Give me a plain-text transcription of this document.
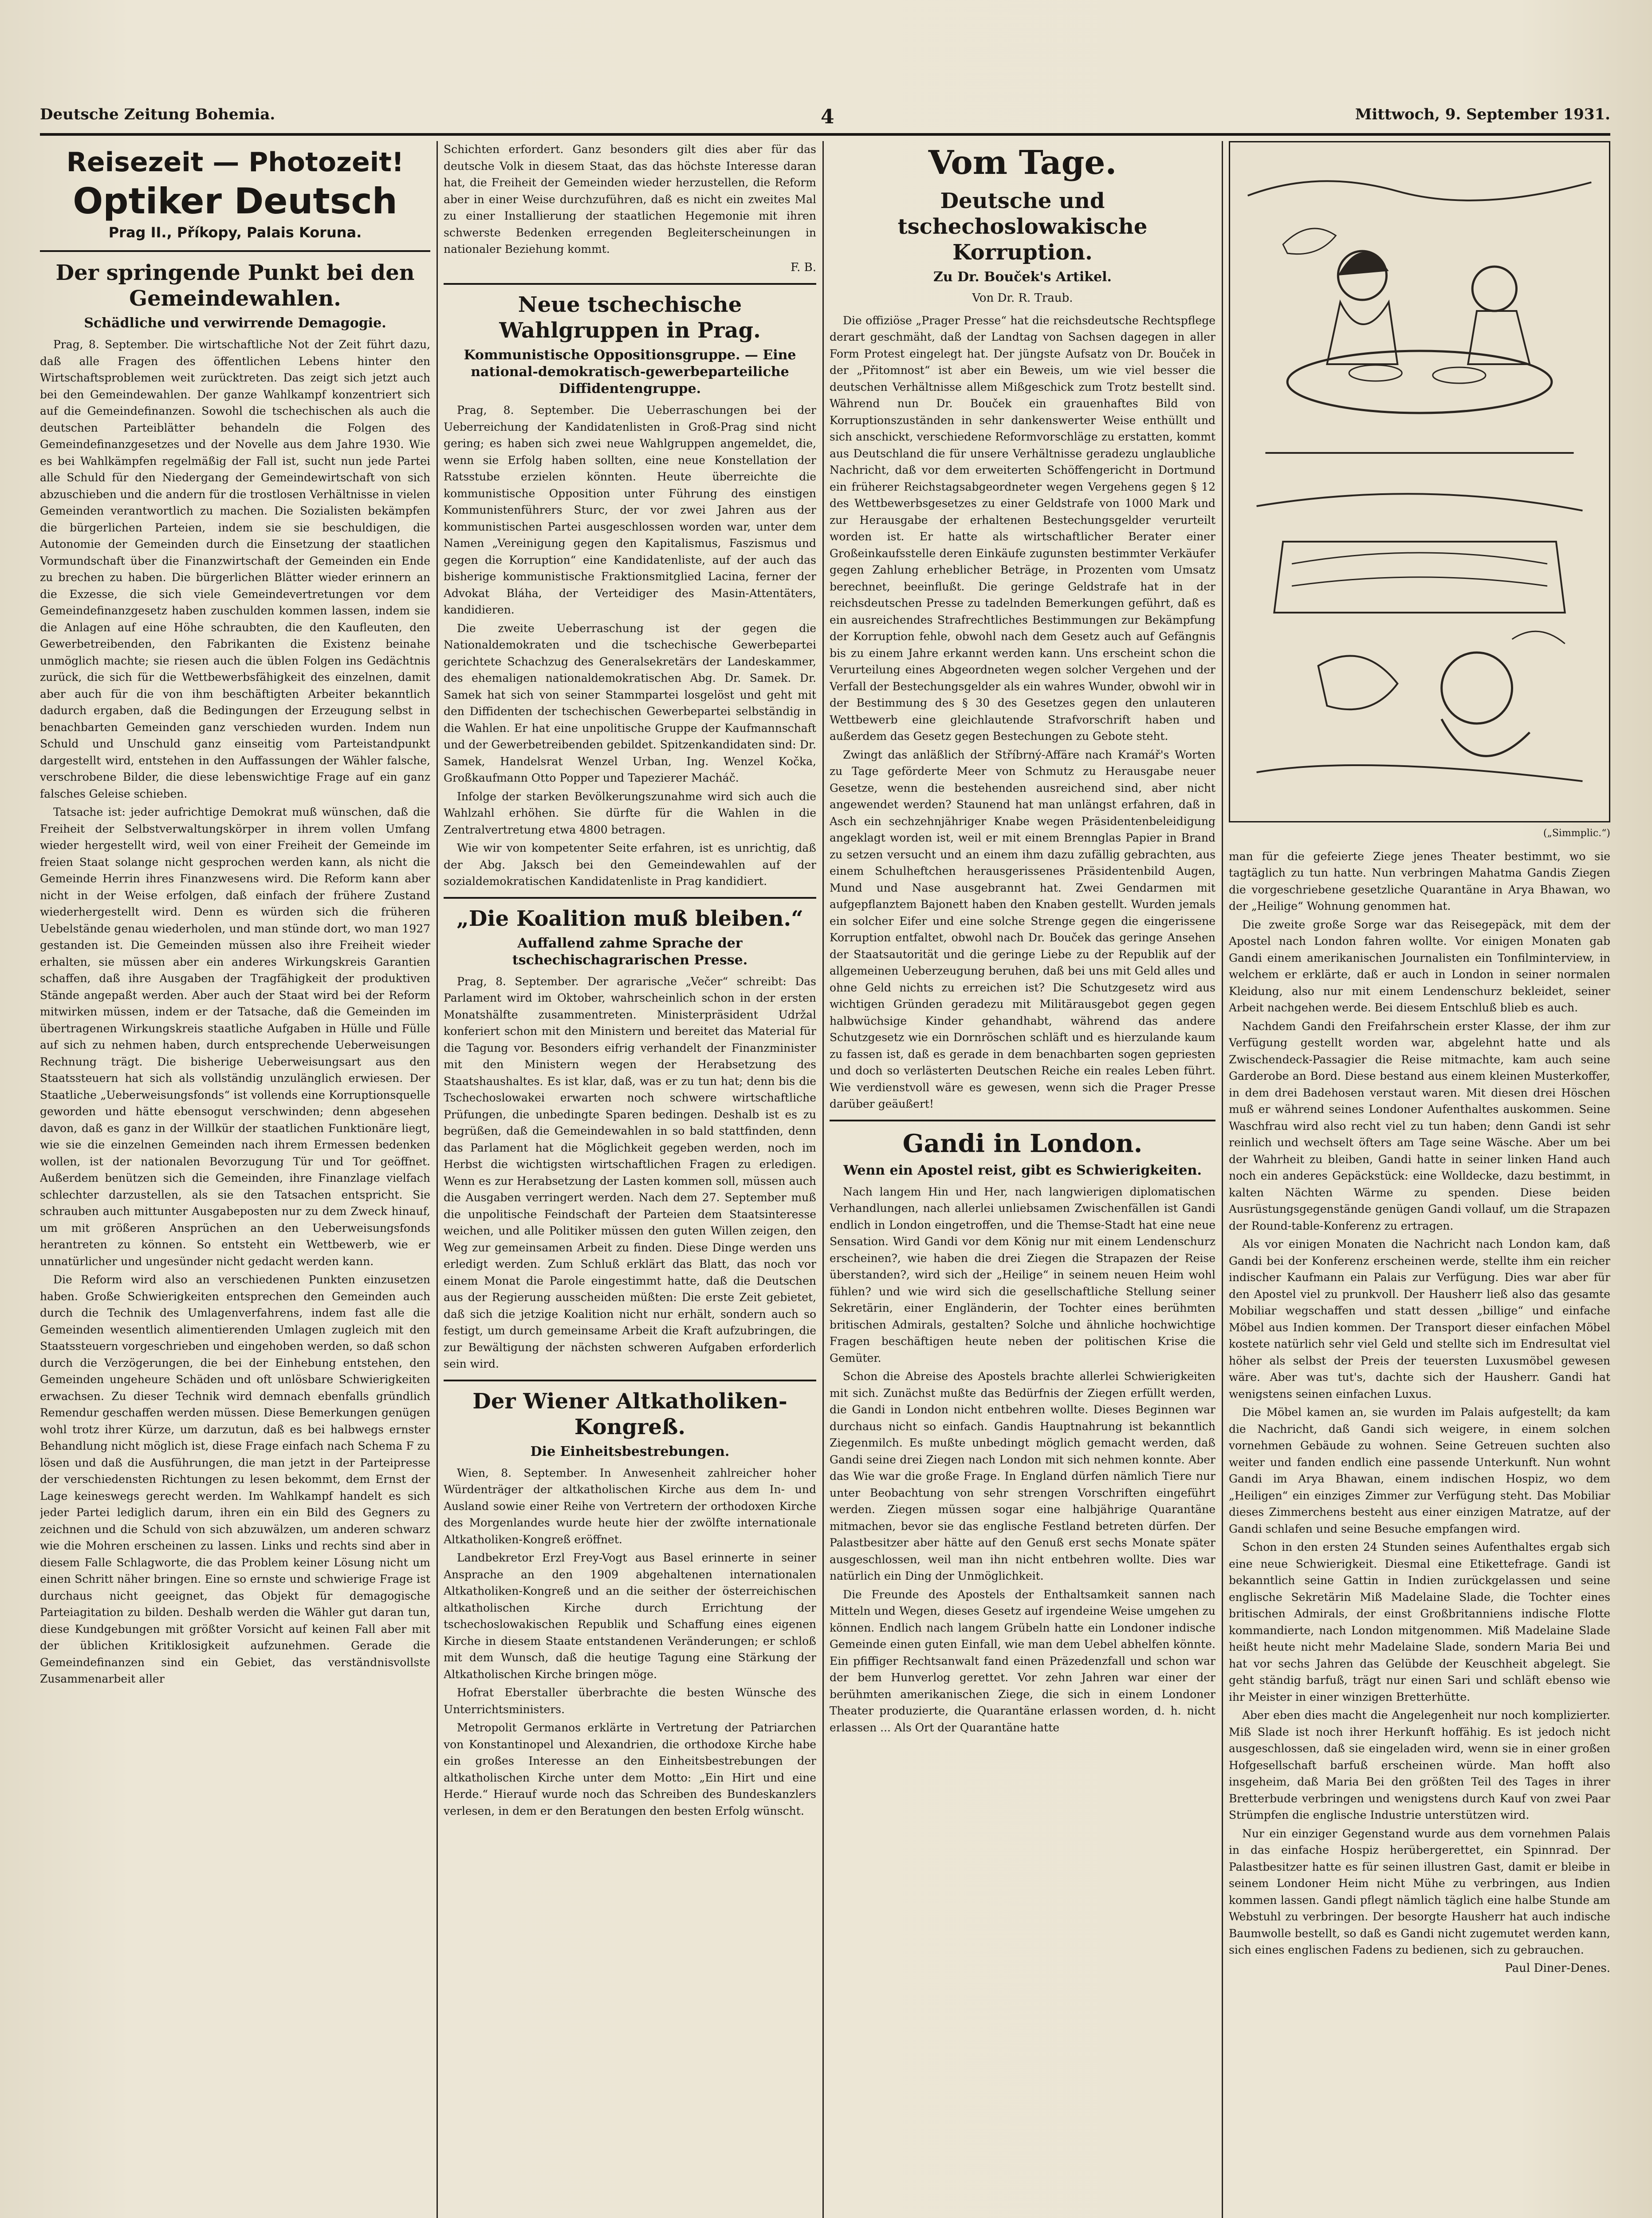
Deutsche Zeitung Bohemia.	4	Mittwoch, 9. September 1931.
Reisezeit — Photozeit!
Optiker Deutsch
Prag II., Příkopy, Palais Koruna.
Der springende Punkt bei den Gemeindewahlen.
Schädliche und verwirrende Demagogie.

Prag, 8. September. Die wirtschaftliche Not der Zeit führt dazu, daß alle Fragen des öffentlichen Lebens hinter den Wirtschaftsproblemen weit zurücktreten. Das zeigt sich jetzt auch bei den Gemeindewahlen. Der ganze Wahlkampf konzentriert sich auf die Gemeindefinanzen. Sowohl die tschechischen als auch die deutschen Parteiblätter behandeln die Folgen des Gemeindefinanzgesetzes und der Novelle aus dem Jahre 1930. Wie es bei Wahlkämpfen regelmäßig der Fall ist, sucht nun jede Partei alle Schuld für den Niedergang der Gemeindewirtschaft von sich abzuschieben und die andern für die trostlosen Verhältnisse in vielen Gemeinden verantwortlich zu machen. Die Sozialisten bekämpfen die bürgerlichen Parteien, indem sie sie beschuldigen, die Autonomie der Gemeinden durch die Einsetzung der staatlichen Vormundschaft über die Finanzwirtschaft der Gemeinden ein Ende zu brechen zu haben. Die bürgerlichen Blätter wieder erinnern an die Exzesse, die sich viele Gemeindevertretungen vor dem Gemeindefinanzgesetz haben zuschulden kommen lassen, indem sie die Anlagen auf eine Höhe schraubten, die den Kaufleuten, den Gewerbetreibenden, den Fabrikanten die Existenz beinahe unmöglich machte; sie riesen auch die üblen Folgen ins Gedächtnis zurück, die sich für die Wettbewerbsfähigkeit des einzelnen, damit aber auch für die von ihm beschäftigten Arbeiter bekanntlich dadurch ergaben, daß die Bedingungen der Erzeugung selbst in benachbarten Gemeinden ganz verschieden wurden. Indem nun Schuld und Unschuld ganz einseitig vom Parteistandpunkt dargestellt wird, entstehen in den Auffassungen der Wähler falsche, verschrobene Bilder, die diese lebenswichtige Frage auf ein ganz falsches Geleise schieben.

Tatsache ist: jeder aufrichtige Demokrat muß wünschen, daß die Freiheit der Selbstverwaltungskörper in ihrem vollen Umfang wieder hergestellt wird, weil von einer Freiheit der Gemeinde im freien Staat solange nicht gesprochen werden kann, als nicht die Gemeinde Herrin ihres Finanzwesens wird. Die Reform kann aber nicht in der Weise erfolgen, daß einfach der frühere Zustand wiederhergestellt wird. Denn es würden sich die früheren Uebelstände genau wiederholen, und man stünde dort, wo man 1927 gestanden ist. Die Gemeinden müssen also ihre Freiheit wieder erhalten, sie müssen aber ein anderes Wirkungskreis Garantien schaffen, daß ihre Ausgaben der Tragfähigkeit der produktiven Stände angepaßt werden. Aber auch der Staat wird bei der Reform mitwirken müssen, indem er der Tatsache, daß die Gemeinden im übertragenen Wirkungskreis staatliche Aufgaben in Hülle und Fülle auf sich zu nehmen haben, durch entsprechende Ueberweisungen Rechnung trägt. Die bisherige Ueberweisungsart aus den Staatssteuern hat sich als vollständig unzulänglich erwiesen. Der Staatliche „Ueberweisungsfonds“ ist vollends eine Korruptionsquelle geworden und hätte ebensogut verschwinden; denn abgesehen davon, daß es ganz in der Willkür der staatlichen Funktionäre liegt, wie sie die einzelnen Gemeinden nach ihrem Ermessen bedenken wollen, ist der nationalen Bevorzugung Tür und Tor geöffnet. Außerdem benützen sich die Gemeinden, ihre Finanzlage vielfach schlechter darzustellen, als sie den Tatsachen entspricht. Sie schrauben auch mittunter Ausgabeposten nur zu dem Zweck hinauf, um mit größeren Ansprüchen an den Ueberweisungsfonds herantreten zu können. So entsteht ein Wettbewerb, wie er unnatürlicher und ungesünder nicht gedacht werden kann.

Die Reform wird also an verschiedenen Punkten einzusetzen haben. Große Schwierigkeiten entsprechen den Gemeinden auch durch die Technik des Umlagenverfahrens, indem fast alle die Gemeinden wesentlich alimentierenden Umlagen zugleich mit den Staatssteuern vorgeschrieben und eingehoben werden, so daß schon durch die Verzögerungen, die bei der Einhebung entstehen, den Gemeinden ungeheure Schäden und oft unlösbare Schwierigkeiten erwachsen. Zu dieser Technik wird demnach ebenfalls gründlich Remendur geschaffen werden müssen. Diese Bemerkungen genügen wohl trotz ihrer Kürze, um darzutun, daß es bei halbwegs ernster Behandlung nicht möglich ist, diese Frage einfach nach Schema F zu lösen und daß die Ausführungen, die man jetzt in der Parteipresse der verschiedensten Richtungen zu lesen bekommt, dem Ernst der Lage keineswegs gerecht werden. Im Wahlkampf handelt es sich jeder Partei lediglich darum, ihren ein ein Bild des Gegners zu zeichnen und die Schuld von sich abzuwälzen, um anderen schwarz wie die Mohren erscheinen zu lassen. Links und rechts sind aber in diesem Falle Schlagworte, die das Problem keiner Lösung nicht um einen Schritt näher bringen. Eine so ernste und schwierige Frage ist durchaus nicht geeignet, das Objekt für demagogische Parteiagitation zu bilden. Deshalb werden die Wähler gut daran tun, diese Kundgebungen mit größter Vorsicht auf keinen Fall aber mit der üblichen Kritiklosigkeit aufzunehmen. Gerade die Gemeindefinanzen sind ein Gebiet, das verständnisvollste Zusammenarbeit aller

Schichten erfordert. Ganz besonders gilt dies aber für das deutsche Volk in diesem Staat, das das höchste Interesse daran hat, die Freiheit der Gemeinden wieder herzustellen, die Reform aber in einer Weise durchzuführen, daß es nicht ein zweites Mal zu einer Installierung der staatlichen Hegemonie mit ihren schwerste Bedenken erregenden Begleiterscheinungen in nationaler Beziehung kommt.

F. B.
Neue tschechische Wahlgruppen in Prag.
Kommunistische Oppositionsgruppe. — Eine national-demokratisch-gewerbeparteiliche Diffidentengruppe.

Prag, 8. September. Die Ueberraschungen bei der Ueberreichung der Kandidatenlisten in Groß-Prag sind nicht gering; es haben sich zwei neue Wahlgruppen angemeldet, die, wenn sie Erfolg haben sollten, eine neue Konstellation der Ratsstube erzielen könnten. Heute überreichte die kommunistische Opposition unter Führung des einstigen Kommunistenführers Sturc, der vor zwei Jahren aus der kommunistischen Partei ausgeschlossen worden war, unter dem Namen „Vereinigung gegen den Kapitalismus, Faszismus und gegen die Korruption“ eine Kandidatenliste, auf der auch das bisherige kommunistische Fraktionsmitglied Lacina, ferner der Advokat Bláha, der Verteidiger des Masin-Attentäters, kandidieren.

Die zweite Ueberraschung ist der gegen die Nationaldemokraten und die tschechische Gewerbepartei gerichtete Schachzug des Generalsekretärs der Landeskammer, des ehemaligen nationaldemokratischen Abg. Dr. Samek. Dr. Samek hat sich von seiner Stammpartei losgelöst und geht mit den Diffidenten der tschechischen Gewerbepartei selbständig in die Wahlen. Er hat eine unpolitische Gruppe der Kaufmannschaft und der Gewerbetreibenden gebildet. Spitzenkandidaten sind: Dr. Samek, Handelsrat Wenzel Urban, Ing. Wenzel Kočka, Großkaufmann Otto Popper und Tapezierer Macháč.

Infolge der starken Bevölkerungszunahme wird sich auch die Wahlzahl erhöhen. Sie dürfte für die Wahlen in die Zentralvertretung etwa 4800 betragen.

Wie wir von kompetenter Seite erfahren, ist es unrichtig, daß der Abg. Jaksch bei den Gemeindewahlen auf der sozialdemokratischen Kandidatenliste in Prag kandidiert.

„Die Koalition muß bleiben.“
Auffallend zahme Sprache der tschechischagrarischen Presse.

Prag, 8. September. Der agrarische „Večer“ schreibt: Das Parlament wird im Oktober, wahrscheinlich schon in der ersten Monatshälfte zusammentreten. Ministerpräsident Udržal konferiert schon mit den Ministern und bereitet das Material für die Tagung vor. Besonders eifrig verhandelt der Finanzminister mit den Ministern wegen der Herabsetzung des Staatshaushaltes. Es ist klar, daß, was er zu tun hat; denn bis die Tschechoslowakei erwarten noch schwere wirtschaftliche Prüfungen, die unbedingte Sparen bedingen. Deshalb ist es zu begrüßen, daß die Gemeindewahlen in so bald stattfinden, denn das Parlament hat die Möglichkeit gegeben werden, noch im Herbst die wichtigsten wirtschaftlichen Fragen zu erledigen. Wenn es zur Herabsetzung der Lasten kommen soll, müssen auch die Ausgaben verringert werden. Nach dem 27. September muß die unpolitische Feindschaft der Parteien dem Staatsinteresse weichen, und alle Politiker müssen den guten Willen zeigen, den Weg zur gemeinsamen Arbeit zu finden. Diese Dinge werden uns erledigt werden. Zum Schluß erklärt das Blatt, das noch vor einem Monat die Parole eingestimmt hatte, daß die Deutschen aus der Regierung ausscheiden müßten: Die erste Zeit gebietet, daß sich die jetzige Koalition nicht nur erhält, sondern auch so festigt, um durch gemeinsame Arbeit die Kraft aufzubringen, die zur Bewältigung der nächsten schweren Aufgaben erforderlich sein wird.

Der Wiener Altkatholiken-Kongreß.
Die Einheitsbestrebungen.

Wien, 8. September. In Anwesenheit zahlreicher hoher Würdenträger der altkatholischen Kirche aus dem In- und Ausland sowie einer Reihe von Vertretern der orthodoxen Kirche des Morgenlandes wurde heute hier der zwölfte internationale Altkatholiken-Kongreß eröffnet.

Landbekretor Erzl Frey-Vogt aus Basel erinnerte in seiner Ansprache an den 1909 abgehaltenen internationalen Altkatholiken-Kongreß und an die seither der österreichischen altkatholischen Kirche durch Errichtung der tschechoslowakischen Republik und Schaffung eines eigenen Kirche in diesem Staate entstandenen Veränderungen; er schloß mit dem Wunsch, daß die heutige Tagung eine Stärkung der Altkatholischen Kirche bringen möge.

Hofrat Eberstaller überbrachte die besten Wünsche des Unterrichtsministers.

Metropolit Germanos erklärte in Vertretung der Patriarchen von Konstantinopel und Alexandrien, die orthodoxe Kirche habe ein großes Interesse an den Einheitsbestrebungen der altkatholischen Kirche unter dem Motto: „Ein Hirt und eine Herde.“ Hierauf wurde noch das Schreiben des Bundeskanzlers verlesen, in dem er den Beratungen den besten Erfolg wünscht.

Vom Tage.
Deutsche und tschechoslowakische Korruption.
Zu Dr. Bouček's Artikel.
Von Dr. R. Traub.

Die offiziöse „Prager Presse“ hat die reichsdeutsche Rechtspflege derart geschmäht, daß der Landtag von Sachsen dagegen in aller Form Protest eingelegt hat. Der jüngste Aufsatz von Dr. Bouček in der „Přitomnost“ ist aber ein Beweis, um wie viel besser die deutschen Verhältnisse allem Mißgeschick zum Trotz bestellt sind. Während nun Dr. Bouček ein grauenhaftes Bild von Korruptionszuständen in sehr dankenswerter Weise enthüllt und sich anschickt, verschiedene Reformvorschläge zu erstatten, kommt aus Deutschland die für unsere Verhältnisse geradezu unglaubliche Nachricht, daß vor dem erweiterten Schöffengericht in Dortmund ein früherer Reichstagsabgeordneter wegen Vergehens gegen § 12 des Wettbewerbsgesetzes zu einer Geldstrafe von 1000 Mark und zur Herausgabe der erhaltenen Bestechungsgelder verurteilt worden ist. Er hatte als wirtschaftlicher Berater einer Großeinkaufsstelle deren Einkäufe zugunsten bestimmter Verkäufer gegen Zahlung erheblicher Beträge, in Prozenten vom Umsatz berechnet, beeinflußt. Die geringe Geldstrafe hat in der reichsdeutschen Presse zu tadelnden Bemerkungen geführt, daß es ein ausreichendes Strafrechtliches Bestimmungen zur Bekämpfung der Korruption fehle, obwohl nach dem Gesetz auch auf Gefängnis bis zu einem Jahre erkannt werden kann. Uns erscheint schon die Verurteilung eines Abgeordneten wegen solcher Vergehen und der Verfall der Bestechungsgelder als ein wahres Wunder, obwohl wir in der Bestimmung des § 30 des Gesetzes gegen den unlauteren Wettbewerb eine gleichlautende Strafvorschrift haben und außerdem das Gesetz gegen Bestechungen zu Gebote steht.

Zwingt das anläßlich der Stříbrný-Affäre nach Kramář's Worten zu Tage geförderte Meer von Schmutz zu Herausgabe neuer Gesetze, wenn die bestehenden ausreichend sind, aber nicht angewendet werden? Staunend hat man unlängst erfahren, daß in Asch ein sechzehnjähriger Knabe wegen Präsidentenbeleidigung angeklagt worden ist, weil er mit einem Brennglas Papier in Brand zu setzen versucht und an einem ihm dazu zufällig gebrachten, aus einem Schulheftchen herausgerissenes Präsidentenbild Augen, Mund und Nase ausgebrannt hat. Zwei Gendarmen mit aufgepflanztem Bajonett haben den Knaben gestellt. Wurden jemals ein solcher Eifer und eine solche Strenge gegen die eingerissene Korruption entfaltet, obwohl nach Dr. Bouček das geringe Ansehen der Staatsautorität und die geringe Liebe zu der Republik auf der allgemeinen Ueberzeugung beruhen, daß bei uns mit Geld alles und ohne Geld nichts zu erreichen ist? Die Schutzgesetz wird aus wichtigen Gründen geradezu mit Militärausgebot gegen gegen halbwüchsige Kinder gehandhabt, während das andere Schutzgesetz wie ein Dornröschen schläft und es hierzulande kaum zu fassen ist, daß es gerade in dem benachbarten sogen gepriesten und doch so verlästerten Deutschen Reiche ein reales Leben führt. Wie verdienstvoll wäre es gewesen, wenn sich die Prager Presse darüber geäußert!

Gandi in London.
Wenn ein Apostel reist, gibt es Schwierigkeiten.

Nach langem Hin und Her, nach langwierigen diplomatischen Verhandlungen, nach allerlei unliebsamen Zwischenfällen ist Gandi endlich in London eingetroffen, und die Themse-Stadt hat eine neue Sensation. Wird Gandi vor dem König nur mit einem Lendenschurz erscheinen?, wie haben die drei Ziegen die Strapazen der Reise überstanden?, wird sich der „Heilige“ in seinem neuen Heim wohl fühlen? und wie wird sich die gesellschaftliche Stellung seiner Sekretärin, einer Engländerin, der Tochter eines berühmten britischen Admirals, gestalten? Solche und ähnliche hochwichtige Fragen beschäftigen heute neben der politischen Krise die Gemüter.

Schon die Abreise des Apostels brachte allerlei Schwierigkeiten mit sich. Zunächst mußte das Bedürfnis der Ziegen erfüllt werden, die Gandi in London nicht entbehren wollte. Dieses Beginnen war durchaus nicht so einfach. Gandis Hauptnahrung ist bekanntlich Ziegenmilch. Es mußte unbedingt möglich gemacht werden, daß Gandi seine drei Ziegen nach London mit sich nehmen konnte. Aber das Wie war die große Frage. In England dürfen nämlich Tiere nur unter Beobachtung von sehr strengen Vorschriften eingeführt werden. Ziegen müssen sogar eine halbjährige Quarantäne mitmachen, bevor sie das englische Festland betreten dürfen. Der Palastbesitzer aber hätte auf den Genuß erst sechs Monate später ausgeschlossen, weil man ihn nicht entbehren wollte. Dies war natürlich ein Ding der Unmöglichkeit.

Die Freunde des Apostels der Enthaltsamkeit sannen nach Mitteln und Wegen, dieses Gesetz auf irgendeine Weise umgehen zu können. Endlich nach langem Grübeln hatte ein Londoner indische Gemeinde einen guten Einfall, wie man dem Uebel abhelfen könnte. Ein pfiffiger Rechtsanwalt fand einen Präzedenzfall und schon war der bem Hunverlog gerettet. Vor zehn Jahren war einer der berühmten amerikanischen Ziege, die sich in einem Londoner Theater produzierte, die Quarantäne erlassen worden, d. h. nicht erlassen ... Als Ort der Quarantäne hatte

(„Simmplic.“)

man für die gefeierte Ziege jenes Theater bestimmt, wo sie tagtäglich zu tun hatte. Nun verbringen Mahatma Gandis Ziegen die vorgeschriebene gesetzliche Quarantäne in Arya Bhawan, wo der „Heilige“ Wohnung genommen hat.

Die zweite große Sorge war das Reisegepäck, mit dem der Apostel nach London fahren wollte. Vor einigen Monaten gab Gandi einem amerikanischen Journalisten ein Tonfilminterview, in welchem er erklärte, daß er auch in London in seiner normalen Kleidung, also nur mit einem Lendenschurz bekleidet, seiner Arbeit nachgehen werde. Bei diesem Entschluß blieb es auch.

Nachdem Gandi den Freifahrschein erster Klasse, der ihm zur Verfügung gestellt worden war, abgelehnt hatte und als Zwischendeck-Passagier die Reise mitmachte, kam auch seine Garderobe an Bord. Diese bestand aus einem kleinen Musterkoffer, in dem drei Badehosen verstaut waren. Mit diesen drei Höschen muß er während seines Londoner Aufenthaltes auskommen. Seine Waschfrau wird also recht viel zu tun haben; denn Gandi ist sehr reinlich und wechselt öfters am Tage seine Wäsche. Aber um bei der Wahrheit zu bleiben, Gandi hatte in seiner linken Hand auch noch ein anderes Gepäckstück: eine Wolldecke, dazu bestimmt, in kalten Nächten Wärme zu spenden. Diese beiden Ausrüstungsgegenstände genügen Gandi vollauf, um die Strapazen der Round-table-Konferenz zu ertragen.

Als vor einigen Monaten die Nachricht nach London kam, daß Gandi bei der Konferenz erscheinen werde, stellte ihm ein reicher indischer Kaufmann ein Palais zur Verfügung. Dies war aber für den Apostel viel zu prunkvoll. Der Hausherr ließ also das gesamte Mobiliar wegschaffen und statt dessen „billige“ und einfache Möbel aus Indien kommen. Der Transport dieser einfachen Möbel kostete natürlich sehr viel Geld und stellte sich im Endresultat viel höher als selbst der Preis der teuersten Luxusmöbel gewesen wäre. Aber was tut's, dachte sich der Hausherr. Gandi hat wenigstens seinen einfachen Luxus.

Die Möbel kamen an, sie wurden im Palais aufgestellt; da kam die Nachricht, daß Gandi sich weigere, in einem solchen vornehmen Gebäude zu wohnen. Seine Getreuen suchten also weiter und fanden endlich eine passende Unterkunft. Nun wohnt Gandi im Arya Bhawan, einem indischen Hospiz, wo dem „Heiligen“ ein einziges Zimmer zur Verfügung steht. Das Mobiliar dieses Zimmerchens besteht aus einer einzigen Matratze, auf der Gandi schlafen und seine Besuche empfangen wird.

Schon in den ersten 24 Stunden seines Aufenthaltes ergab sich eine neue Schwierigkeit. Diesmal eine Etikettefrage. Gandi ist bekanntlich seine Gattin in Indien zurückgelassen und seine englische Sekretärin Miß Madelaine Slade, die Tochter eines britischen Admirals, der einst Großbritanniens indische Flotte kommandierte, nach London mitgenommen. Miß Madelaine Slade heißt heute nicht mehr Madelaine Slade, sondern Maria Bei und hat vor sechs Jahren das Gelübde der Keuschheit abgelegt. Sie geht ständig barfuß, trägt nur einen Sari und schläft ebenso wie ihr Meister in einer winzigen Bretterhütte.

Aber eben dies macht die Angelegenheit nur noch komplizierter. Miß Slade ist noch ihrer Herkunft hoffähig. Es ist jedoch nicht ausgeschlossen, daß sie eingeladen wird, wenn sie in einer großen Hofgesellschaft barfuß erscheinen würde. Man hofft also insgeheim, daß Maria Bei den größten Teil des Tages in ihrer Bretterbude verbringen und wenigstens durch Kauf von zwei Paar Strümpfen die englische Industrie unterstützen wird.

Nur ein einziger Gegenstand wurde aus dem vornehmen Palais in das einfache Hospiz herübergerettet, ein Spinnrad. Der Palastbesitzer hatte es für seinen illustren Gast, damit er bleibe in seinem Londoner Heim nicht Mühe zu verbringen, aus Indien kommen lassen. Gandi pflegt nämlich täglich eine halbe Stunde am Webstuhl zu verbringen. Der besorgte Hausherr hat auch indische Baumwolle bestellt, so daß es Gandi nicht zugemutet werden kann, sich eines englischen Fadens zu bedienen, sich zu gebrauchen.

Paul Diner-Denes.
